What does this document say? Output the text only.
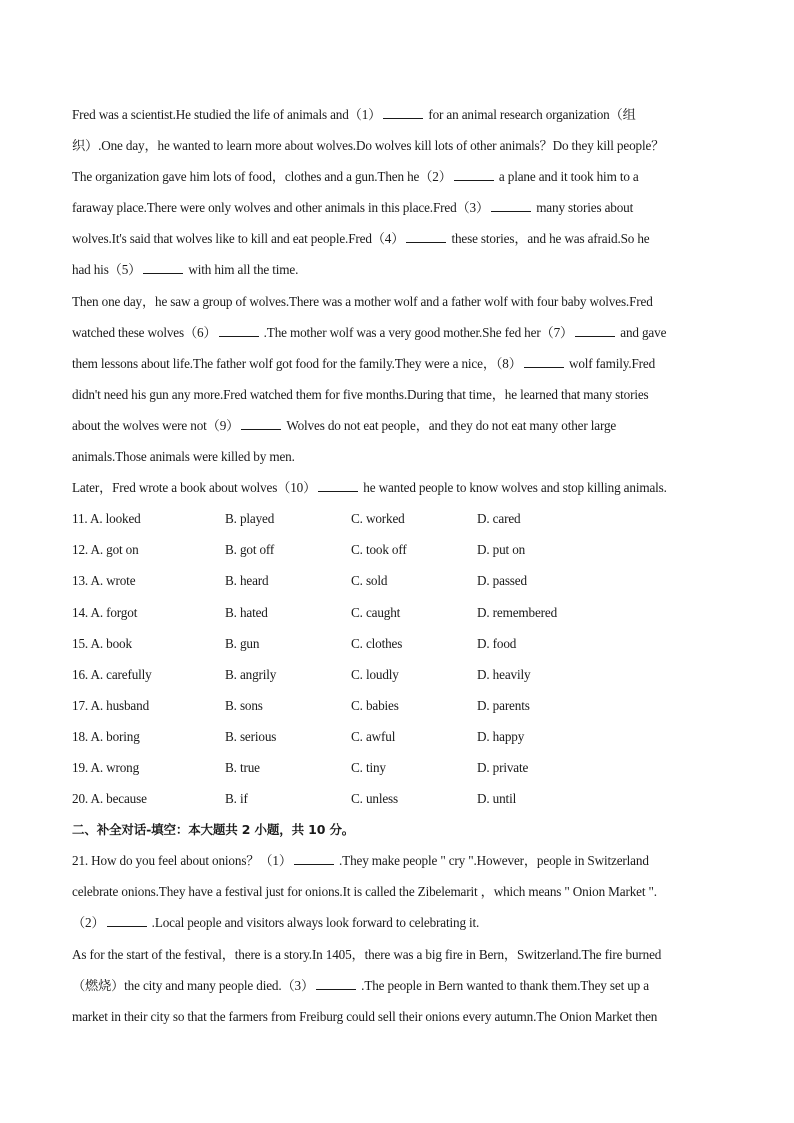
Fred was a scientist.He studied the life of animals and（1）	for an animal research organization（组
织）.One day，he wanted to learn more about wolves.Do wolves kill lots of other animals？Do they kill people？
The organization gave him lots of food，clothes and a gun.Then he（2）	a plane and it took him to a
faraway place.There were only wolves and other animals in this place.Fred（3）	many stories about
wolves.It's said that wolves like to kill and eat people.Fred（4）	these stories，and he was afraid.So he
had his（5）	with him all the time.
Then one day，he saw a group of wolves.There was a mother wolf and a father wolf with four baby wolves.Fred
watched these wolves（6）	.The mother wolf was a very good mother.She fed her（7）	and gave
them lessons about life.The father wolf got food for the family.They were a nice，（8）	wolf family.Fred
didn't need his gun any more.Fred watched them for five months.During that time，he learned that many stories
about the wolves were not（9）	Wolves do not eat people，and they do not eat many other large
animals.Those animals were killed by men.
Later，Fred wrote a book about wolves（10）	he wanted people to know wolves and stop killing animals.
11. A. looked	B. played	C. worked	D. cared
12. A. got on	B. got off	C. took off	D. put on
13. A. wrote	B. heard	C. sold	D. passed
14. A. forgot	B. hated	C. caught	D. remembered
15. A. book	B. gun	C. clothes	D. food
16. A. carefully	B. angrily	C. loudly	D. heavily
17. A. husband	B. sons	C. babies	D. parents
18. A. boring	B. serious	C. awful	D. happy
19. A. wrong	B. true	C. tiny	D. private
20. A. because	B. if	C. unless	D. until
二、补全对话-填空：本大题共 2 小题，共 10 分。
21. How do you feel about onions？（1）	.They make people " cry ".However，people in Switzerland
celebrate onions.They have a festival just for onions.It is called the Zibelemarit ，which means " Onion Market ".
（2）	.Local people and visitors always look forward to celebrating it.
As for the start of the festival，there is a story.In 1405，there was a big fire in Bern，Switzerland.The fire burned
（燃烧）the city and many people died.（3）	.The people in Bern wanted to thank them.They set up a
market in their city so that the farmers from Freiburg could sell their onions every autumn.The Onion Market then
